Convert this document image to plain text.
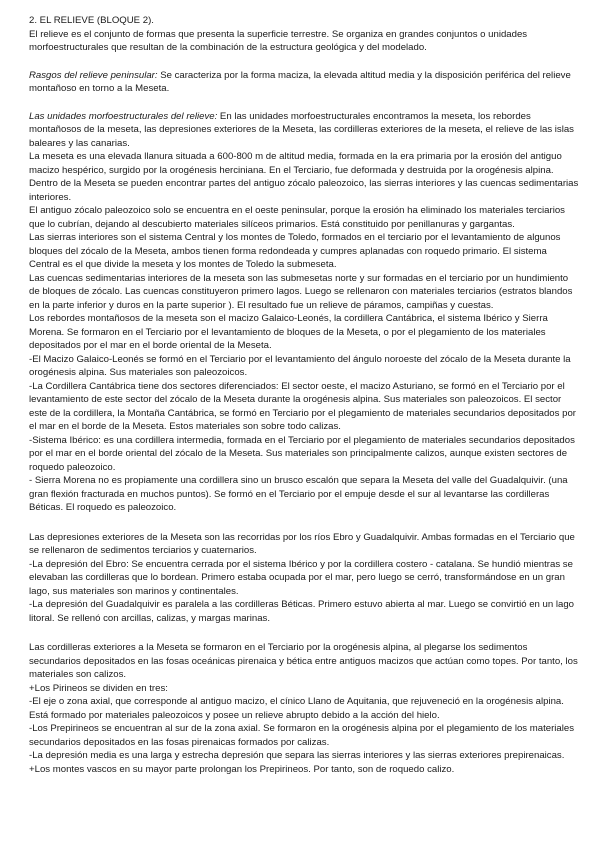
2. EL RELIEVE (BLOQUE 2).

El relieve es el conjunto de formas que presenta la superficie terrestre. Se organiza en grandes conjuntos o unidades morfoestructurales que resultan de la combinación de la estructura geológica y del modelado.

Rasgos del relieve peninsular: Se caracteriza por la forma maciza, la elevada altitud media y la disposición periférica del relieve montañoso en torno a la Meseta.

Las unidades morfoestructurales del relieve: En las unidades morfoestructurales encontramos la meseta, los rebordes montañosos de la meseta, las depresiones exteriores de la Meseta, las cordilleras exteriores de la meseta, el relieve de las islas baleares y las canarias.

La meseta es una elevada llanura situada a 600-800 m de altitud media, formada en la era primaria por la erosión del antiguo macizo hespérico, surgido por la orogénesis herciniana. En el Terciario, fue deformada y destruida por la orogénesis alpina. Dentro de la Meseta se pueden encontrar partes del antiguo zócalo paleozoico, las sierras interiores y las cuencas sedimentarias interiores.

El antiguo zócalo paleozoico solo se encuentra en el oeste peninsular, porque la erosión ha eliminado los materiales terciarios que lo cubrían, dejando al descubierto materiales silíceos primarios. Está constituido por penillanuras y gargantas.

Las sierras interiores son el sistema Central y los montes de Toledo, formados en el terciario por el levantamiento de algunos bloques del zócalo de la Meseta, ambos tienen forma redondeada y cumpres aplanadas con roquedo primario. El sistema Central es el que divide la meseta y los montes de Toledo la submeseta.

Las cuencas sedimentarias interiores de la meseta son las submesetas norte y sur formadas en el terciario por un hundimiento de bloques de zócalo. Las cuencas constituyeron primero lagos. Luego se rellenaron con materiales terciarios (estratos blandos en la parte inferior y duros en la parte superior ). El resultado fue un relieve de páramos, campiñas y cuestas.

Los rebordes montañosos de la meseta son el macizo Galaico-Leonés, la cordillera Cantábrica, el sistema Ibérico y Sierra Morena. Se formaron en el Terciario por el levantamiento de bloques de la Meseta, o por el plegamiento de los materiales depositados por el mar en el borde oriental de la Meseta.

-El Macizo Galaico-Leonés se formó en el Terciario por el levantamiento del ángulo noroeste del zócalo de la Meseta durante la orogénesis alpina. Sus materiales son paleozoicos.

-La Cordillera Cantábrica tiene dos sectores diferenciados: El sector oeste, el macizo Asturiano, se formó en el Terciario por el levantamiento de este sector del zócalo de la Meseta durante la orogénesis alpina. Sus materiales son paleozoicos. El sector este de la cordillera, la Montaña Cantábrica, se formó en Terciario por el plegamiento de materiales secundarios depositados por el mar en el borde de la Meseta. Estos materiales son sobre todo calizas.

-Sistema Ibérico: es una cordillera intermedia, formada en el Terciario por el plegamiento de materiales secundarios depositados por el mar en el borde oriental del zócalo de la Meseta. Sus materiales son principalmente calizos, aunque existen sectores de roquedo paleozoico.

- Sierra Morena no es propiamente una cordillera sino un brusco escalón que separa la Meseta del valle del Guadalquivir. (una gran flexión fracturada en muchos puntos). Se formó en el Terciario por el empuje desde el sur al levantarse las cordilleras Béticas. El roquedo es paleozoico.

Las depresiones exteriores de la Meseta son las recorridas por los ríos Ebro y Guadalquivir. Ambas formadas en el Terciario que se rellenaron de sedimentos terciarios y cuaternarios.

-La depresión del Ebro: Se encuentra cerrada por el sistema Ibérico y por la cordillera costero - catalana. Se hundió mientras se elevaban las cordilleras que lo bordean. Primero estaba ocupada por el mar, pero luego se cerró, transformándose en un gran lago, sus materiales son marinos y continentales.

-La depresión del Guadalquivir es paralela a las cordilleras Béticas. Primero estuvo abierta al mar. Luego se convirtió en un lago litoral. Se rellenó con arcillas, calizas, y margas marinas.

Las cordilleras exteriores a la Meseta se formaron en el Terciario por la orogénesis alpina, al plegarse los sedimentos secundarios depositados en las fosas oceánicas pirenaica y bética entre antiguos macizos que actúan como topes. Por tanto, los materiales son calizos.

+Los Pirineos se dividen en tres:

-El eje o zona axial, que corresponde al antiguo macizo, el cínico Llano de Aquitania, que rejuveneció en la orogénesis alpina. Está formado por materiales paleozoicos y posee un relieve abrupto debido a la acción del hielo.

-Los Prepirineos se encuentran al sur de la zona axial. Se formaron en la orogénesis alpina por el plegamiento de los materiales secundarios depositados en las fosas pirenaicas formados por calizas.

-La depresión media es una larga y estrecha depresión que separa las sierras interiores y las sierras exteriores prepirenaicas.

+Los montes vascos en su mayor parte prolongan los Prepirineos. Por tanto, son de roquedo calizo.
